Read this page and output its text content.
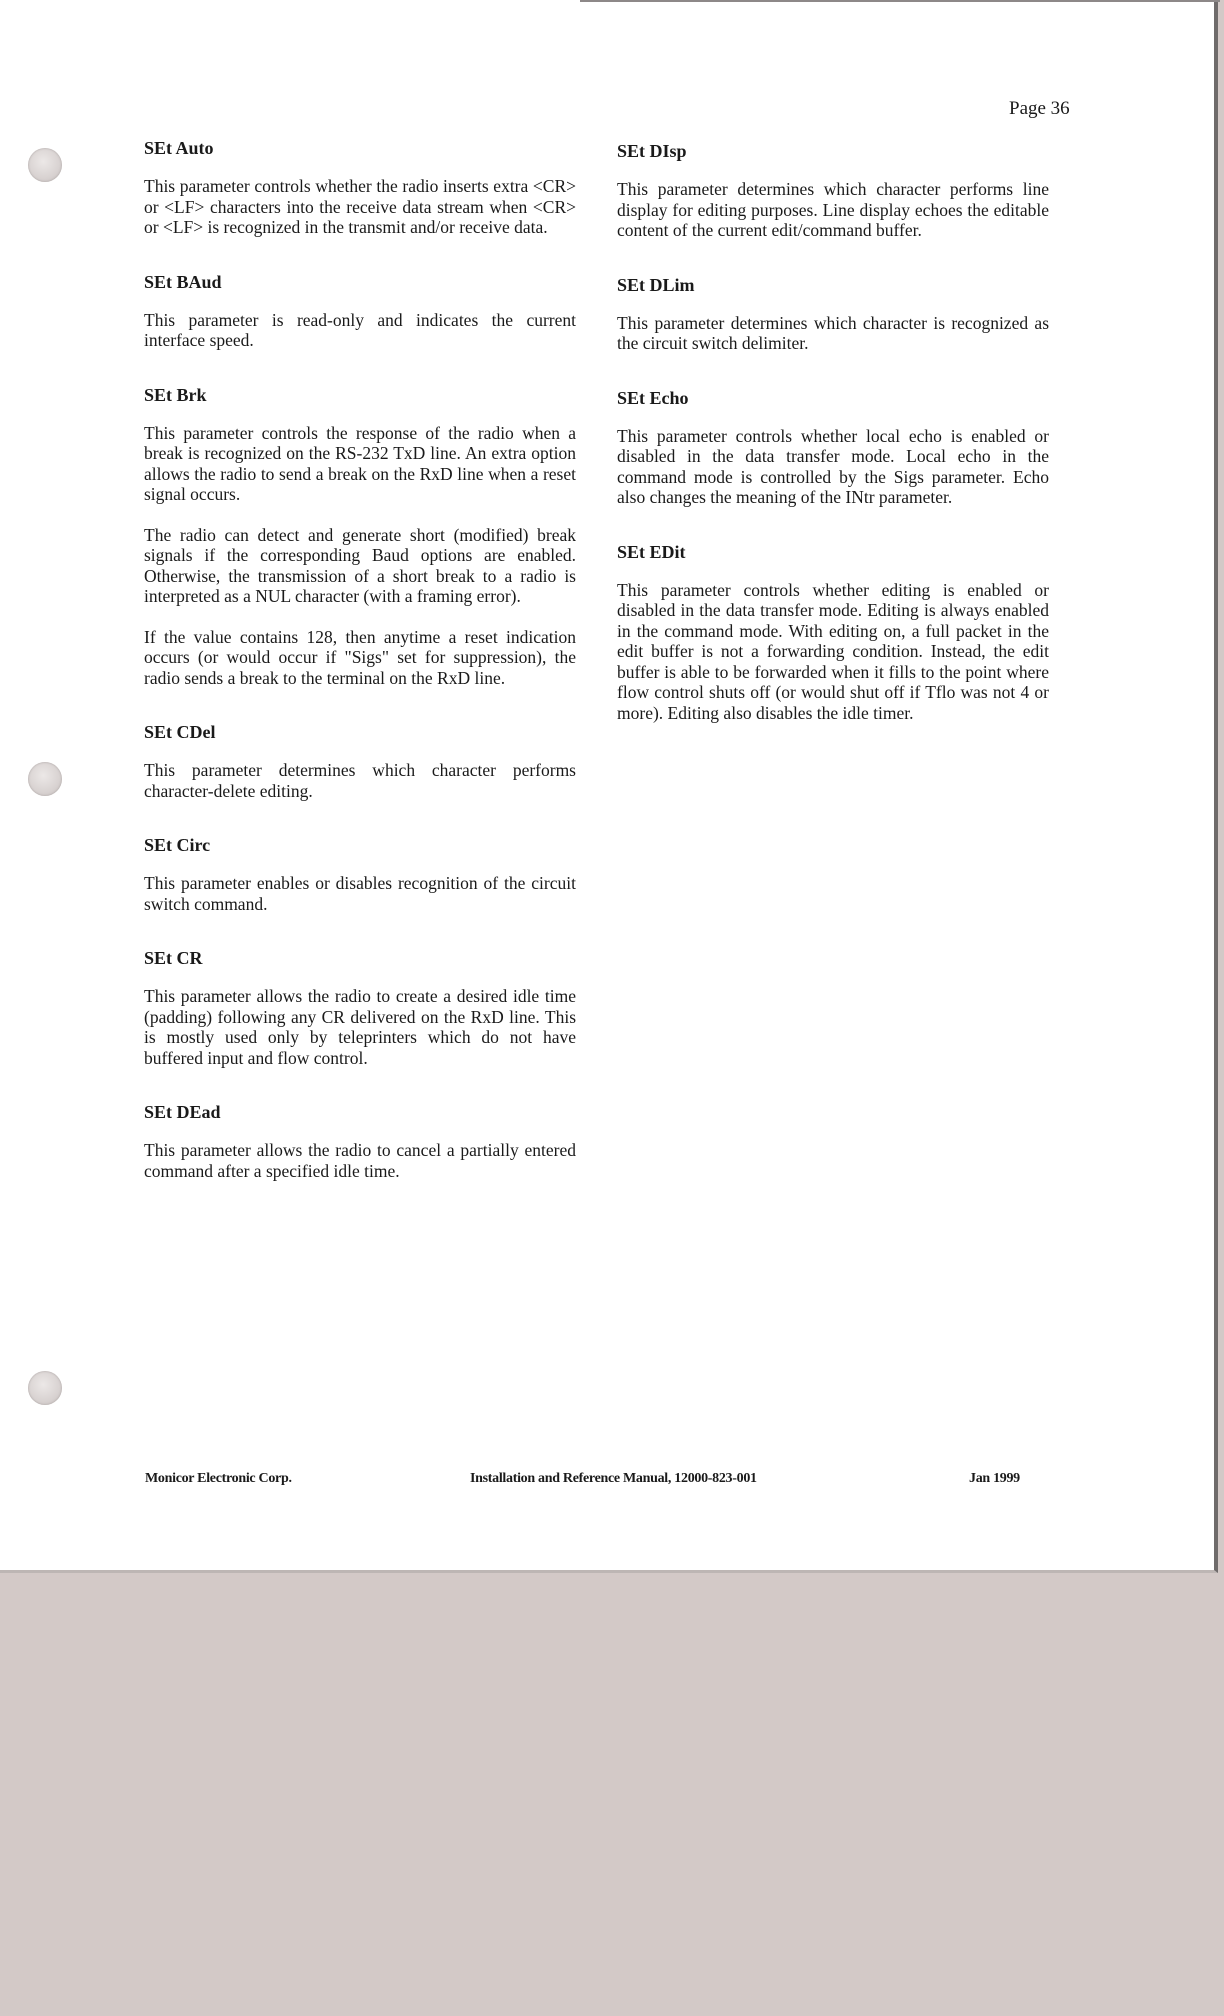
Page 36
SEt Auto

This parameter controls whether the radio inserts extra <CR> or <LF> characters into the receive data stream when <CR> or <LF> is recognized in the transmit and/or receive data.

SEt BAud

This parameter is read-only and indicates the current interface speed.

SEt Brk

This parameter controls the response of the radio when a break is recognized on the RS-232 TxD line. An extra option allows the radio to send a break on the RxD line when a reset signal occurs.

The radio can detect and generate short (modified) break signals if the corresponding Baud options are enabled. Otherwise, the transmission of a short break to a radio is interpreted as a NUL character (with a framing error).

If the value contains 128, then anytime a reset indication occurs (or would occur if "Sigs" set for suppression), the radio sends a break to the terminal on the RxD line.

SEt CDel

This parameter determines which character performs character-delete editing.

SEt Circ

This parameter enables or disables recognition of the circuit switch command.

SEt CR

This parameter allows the radio to create a desired idle time (padding) following any CR delivered on the RxD line. This is mostly used only by teleprinters which do not have buffered input and flow control.

SEt DEad

This parameter allows the radio to cancel a partially entered command after a specified idle time.

SEt DIsp

This parameter determines which character performs line display for editing purposes. Line display echoes the editable content of the current edit/command buffer.

SEt DLim

This parameter determines which character is recognized as the circuit switch delimiter.

SEt Echo

This parameter controls whether local echo is enabled or disabled in the data transfer mode. Local echo in the command mode is controlled by the Sigs parameter. Echo also changes the meaning of the INtr parameter.

SEt EDit

This parameter controls whether editing is enabled or disabled in the data transfer mode. Editing is always enabled in the command mode. With editing on, a full packet in the edit buffer is not a forwarding condition. Instead, the edit buffer is able to be forwarded when it fills to the point where flow control shuts off (or would shut off if Tflo was not 4 or more). Editing also disables the idle timer.

Monicor Electronic Corp.	Installation and Reference Manual, 12000-823-001	Jan 1999
